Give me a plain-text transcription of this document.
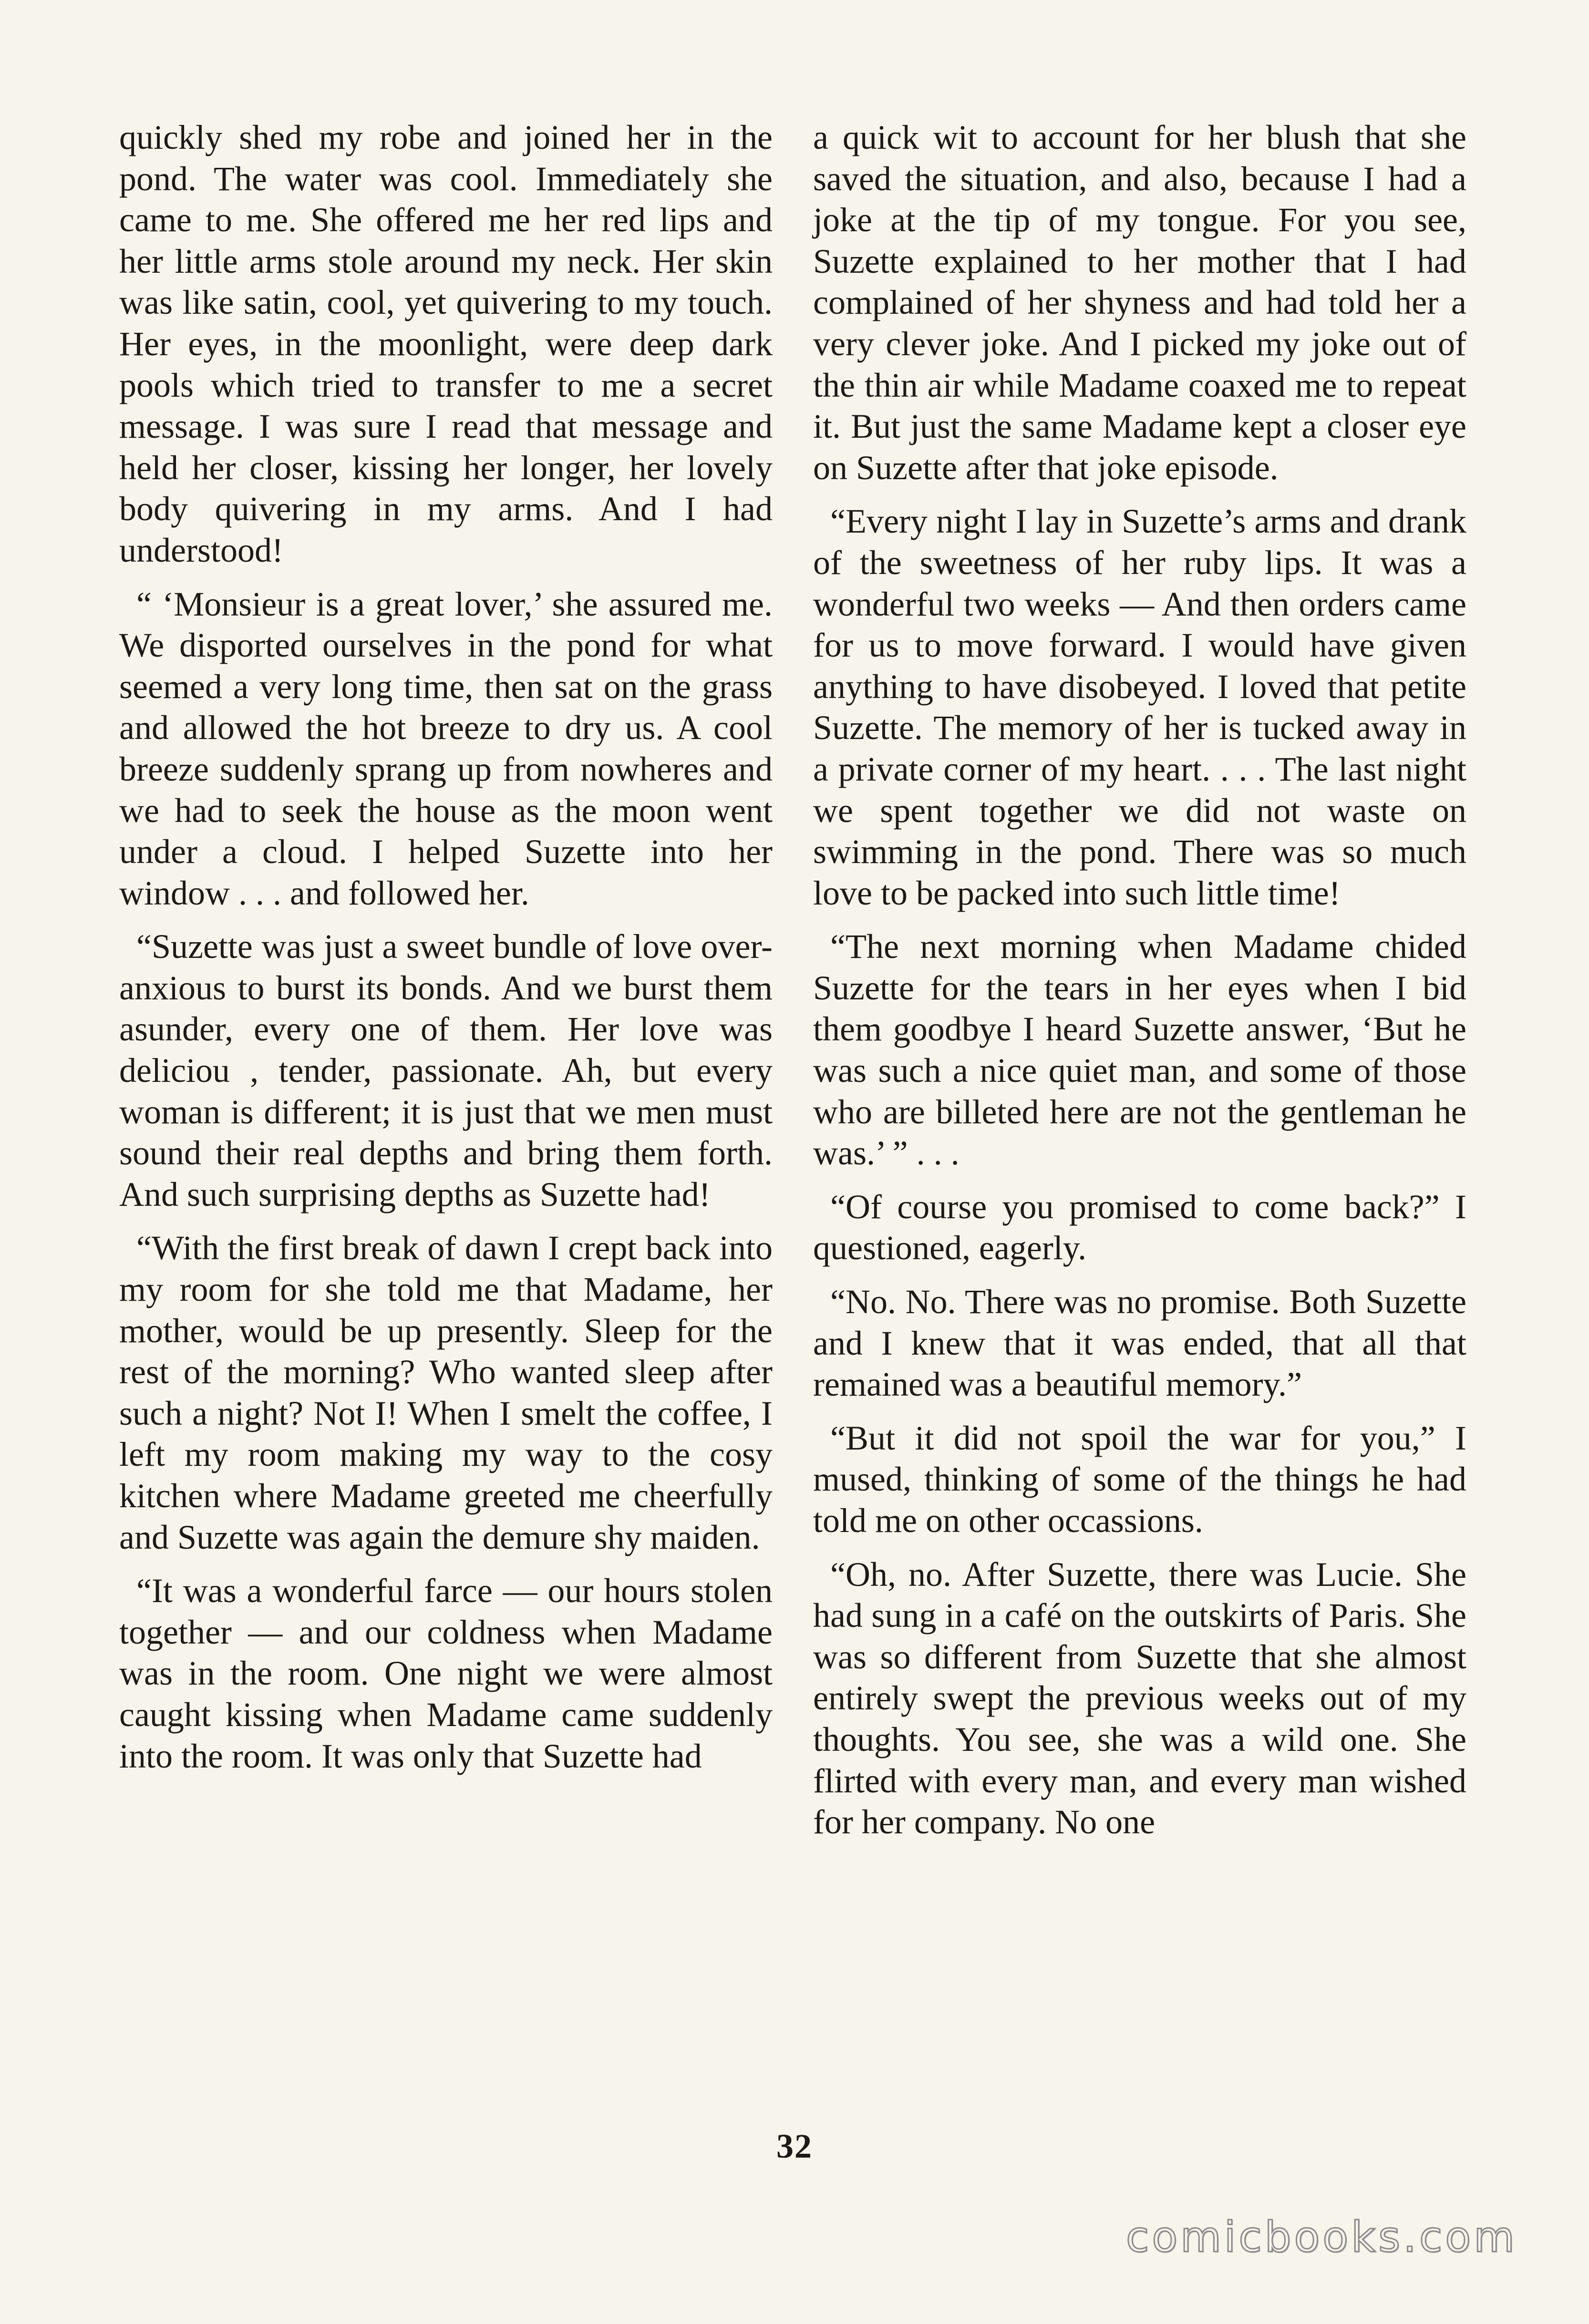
quickly shed my robe and joined her in the pond. The water was cool. Immediately she came to me. She offered me her red lips and her little arms stole around my neck. Her skin was like satin, cool, yet quivering to my touch. Her eyes, in the moonlight, were deep dark pools which tried to transfer to me a secret message. I was sure I read that message and held her closer, kissing her longer, her lovely body quivering in my arms. And I had understood!

“ ‘Monsieur is a great lover,’ she assured me. We disported ourselves in the pond for what seemed a very long time, then sat on the grass and allowed the hot breeze to dry us. A cool breeze suddenly sprang up from nowheres and we had to seek the house as the moon went under a cloud. I helped Suzette into her window . . . and followed her.

“Suzette was just a sweet bundle of love over-anxious to burst its bonds. And we burst them asunder, every one of them. Her love was deliciou , tender, passionate. Ah, but every woman is different; it is just that we men must sound their real depths and bring them forth. And such surprising depths as Suzette had!

“With the first break of dawn I crept back into my room for she told me that Madame, her mother, would be up presently. Sleep for the rest of the morning? Who wanted sleep after such a night? Not I! When I smelt the coffee, I left my room making my way to the cosy kitchen where Madame greeted me cheerfully and Suzette was again the demure shy maiden.

“It was a wonderful farce — our hours stolen together — and our coldness when Madame was in the room. One night we were almost caught kissing when Madame came suddenly into the room. It was only that Suzette had

a quick wit to account for her blush that she saved the situation, and also, because I had a joke at the tip of my tongue. For you see, Suzette explained to her mother that I had complained of her shyness and had told her a very clever joke. And I picked my joke out of the thin air while Madame coaxed me to repeat it. But just the same Madame kept a closer eye on Suzette after that joke episode.

“Every night I lay in Suzette’s arms and drank of the sweetness of her ruby lips. It was a wonderful two weeks — And then orders came for us to move forward. I would have given anything to have disobeyed. I loved that petite Suzette. The memory of her is tucked away in a private corner of my heart. . . . The last night we spent together we did not waste on swimming in the pond. There was so much love to be packed into such little time!

“The next morning when Madame chided Suzette for the tears in her eyes when I bid them goodbye I heard Suzette answer, ‘But he was such a nice quiet man, and some of those who are billeted here are not the gentleman he was.’ ” . . .

“Of course you promised to come back?” I questioned, eagerly.

“No. No. There was no promise. Both Suzette and I knew that it was ended, that all that remained was a beautiful memory.”

“But it did not spoil the war for you,” I mused, thinking of some of the things he had told me on other occassions.

“Oh, no. After Suzette, there was Lucie. She had sung in a café on the outskirts of Paris. She was so different from Suzette that she almost entirely swept the previous weeks out of my thoughts. You see, she was a wild one. She flirted with every man, and every man wished for her company. No one

32
comicbooks.com
